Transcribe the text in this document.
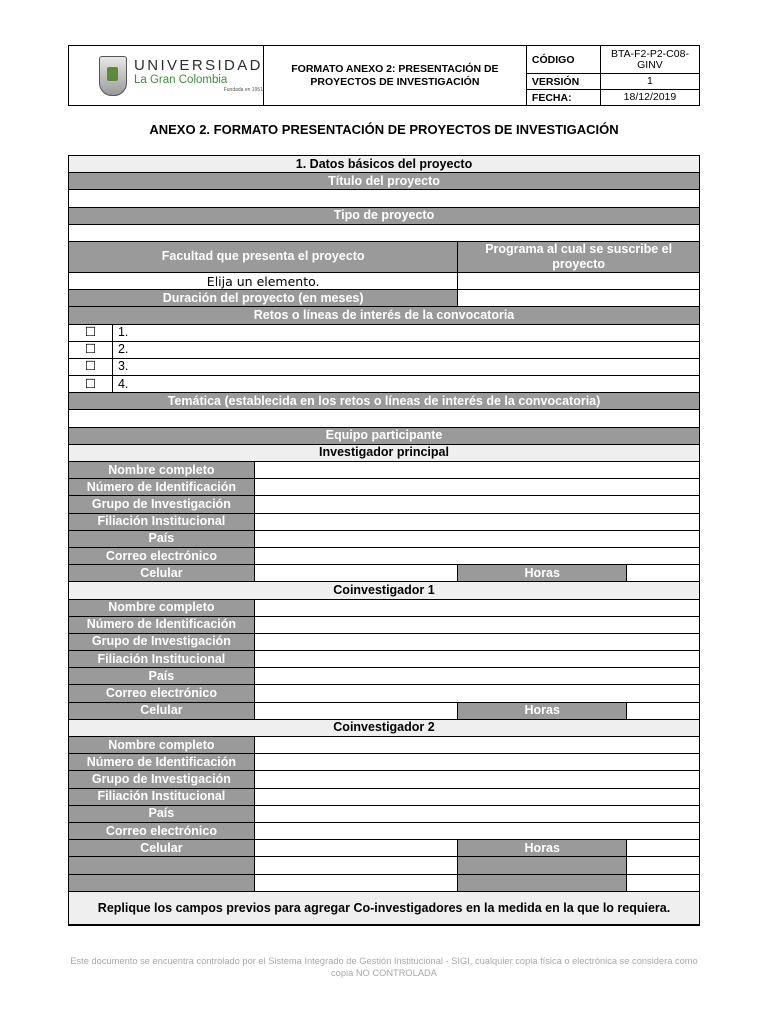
UNIVERSIDAD
La Gran Colombia
Fundada en 1951	FORMATO ANEXO 2: PRESENTACIÓN DE PROYECTOS DE INVESTIGACIÓN	CÓDIGO	BTA-F2-P2-C08-GINV
		VERSIÓN	1
		FECHA:	18/12/2019
ANEXO 2. FORMATO PRESENTACIÓN DE PROYECTOS DE INVESTIGACIÓN
1. Datos básicos del proyecto				
Título del proyecto				

Tipo de proyecto				

Facultad que presenta el proyecto			Programa al cual se suscribe el proyecto	
Elija un elemento.				
Duración del proyecto (en meses)				
Retos o líneas de interés de la convocatoria				
☐	1.			
☐	2.			
☐	3.			
☐	4.			
Temática (establecida en los retos o líneas de interés de la convocatoria)				

Equipo participante				
Investigador principal				
Nombre completo				
Número de Identificación				
Grupo de Investigación				
Filiación Institucional				
País				
Correo electrónico				
Celular			Horas	
Coinvestigador 1				
Nombre completo				
Número de Identificación				
Grupo de Investigación				
Filiación Institucional				
País				
Correo electrónico				
Celular			Horas	
Coinvestigador 2				
Nombre completo				
Número de Identificación				
Grupo de Investigación				
Filiación Institucional				
País				
Correo electrónico				
Celular			Horas	

Replique los campos previos para agregar Co-investigadores en la medida en la que lo requiera.				
Este documento se encuentra controlado por el Sistema Integrado de Gestión Institucional - SIGI, cualquier copia física o electrónica se considera como copia NO CONTROLADA
